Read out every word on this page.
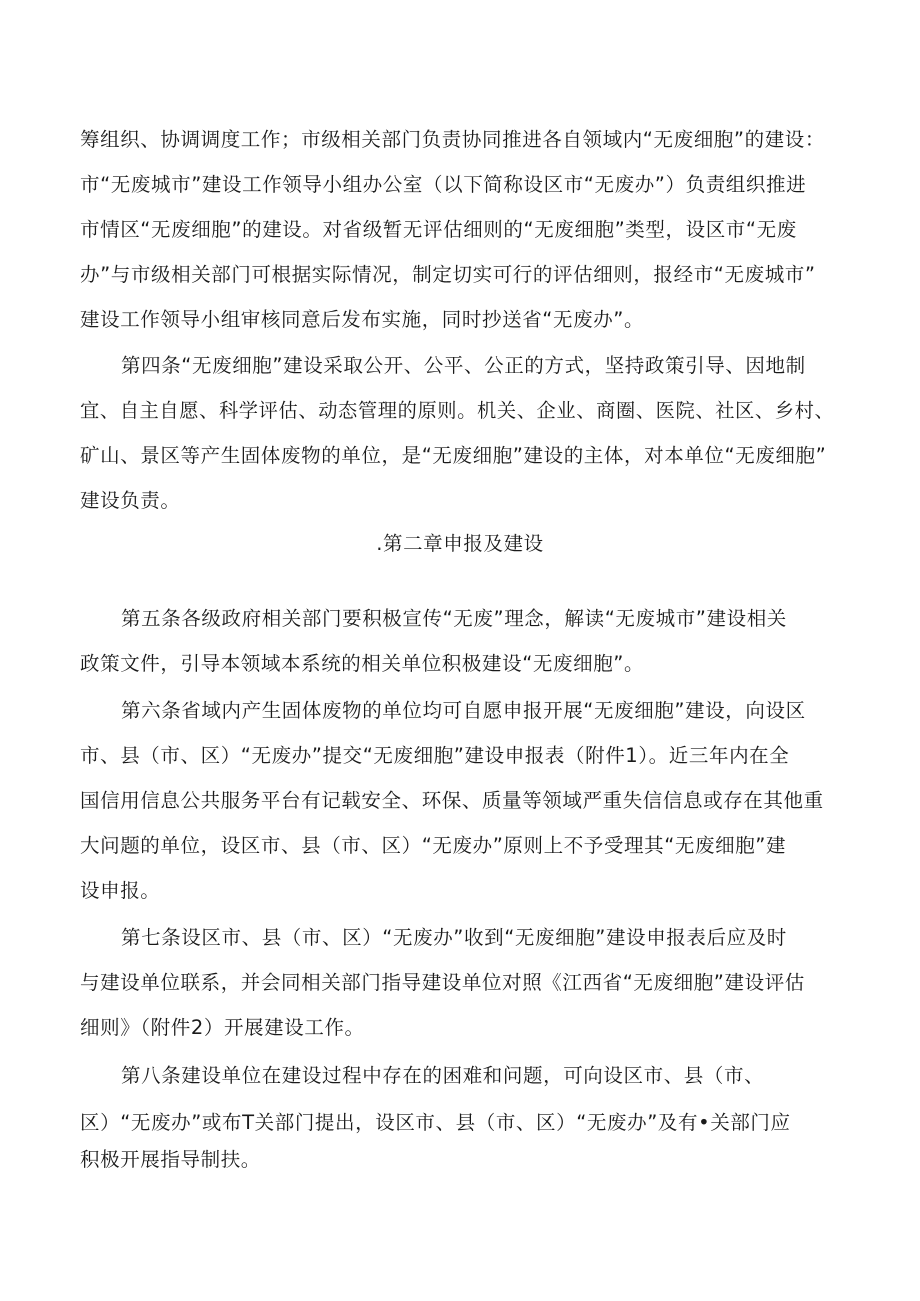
筹组织、协调调度工作；市级相关部门负责协同推进各自领域内“无废细胞”的建设：
市“无废城市”建设工作领导小组办公室（以下简称设区市“无废办”）负责组织推进
市情区“无废细胞”的建设。对省级暂无评估细则的“无废细胞”类型，设区市“无废
办”与市级相关部门可根据实际情况，制定切实可行的评估细则，报经市“无废城市”
建设工作领导小组审核同意后发布实施，同时抄送省“无废办”。
第四条“无废细胞”建设采取公开、公平、公正的方式，坚持政策引导、因地制
宜、自主自愿、科学评估、动态管理的原则。机关、企业、商圈、医院、社区、乡村、
矿山、景区等产生固体废物的单位，是“无废细胞”建设的主体，对本单位“无废细胞”
建设负责。
.第二章申报及建设
第五条各级政府相关部门要积极宣传“无废”理念，解读“无废城市”建设相关
政策文件，引导本领域本系统的相关单位积极建设“无废细胞”。
第六条省域内产生固体废物的单位均可自愿申报开展“无废细胞”建设，向设区
市、县（市、区）“无废办”提交“无废细胞”建设申报表（附件1）。近三年内在全
国信用信息公共服务平台有记载安全、环保、质量等领域严重失信信息或存在其他重
大问题的单位，设区市、县（市、区）“无废办”原则上不予受理其“无废细胞”建
设申报。
第七条设区市、县（市、区）“无废办”收到“无废细胞”建设申报表后应及时
与建设单位联系，并会同相关部门指导建设单位对照《江西省“无废细胞”建设评估
细则》（附件2）开展建设工作。
第八条建设单位在建设过程中存在的困难和问题，可向设区市、县（市、
区）“无废办”或布T关部门提出，设区市、县（市、区）“无废办”及有•关部门应
积极开展指导制扶。
